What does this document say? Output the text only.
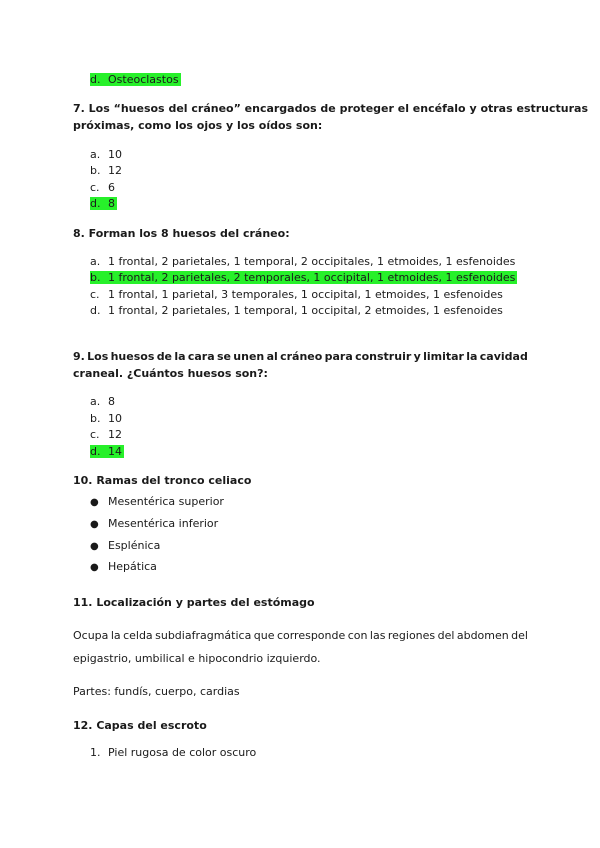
d. Osteoclastos
7. Los “huesos del cráneo” encargados de proteger el encéfalo y otras estructuras
próximas, como los ojos y los oídos son:
a. 10
b. 12
c. 6
d. 8
8. Forman los 8 huesos del cráneo:
a. 1 frontal, 2 parietales, 1 temporal, 2 occipitales, 1 etmoides, 1 esfenoides
b. 1 frontal, 2 parietales, 2 temporales, 1 occipital, 1 etmoides, 1 esfenoides
c. 1 frontal, 1 parietal, 3 temporales, 1 occipital, 1 etmoides, 1 esfenoides
d. 1 frontal, 2 parietales, 1 temporal, 1 occipital, 2 etmoides, 1 esfenoides
9. Los huesos de la cara se unen al cráneo para construir y limitar la cavidad
craneal. ¿Cuántos huesos son?:
a. 8
b. 10
c. 12
d. 14
10. Ramas del tronco celiaco
● Mesentérica superior
● Mesentérica inferior
● Esplénica
● Hepática
11. Localización y partes del estómago
Ocupa la celda subdiafragmática que corresponde con las regiones del abdomen del
epigastrio, umbilical e hipocondrio izquierdo.
Partes: fundís, cuerpo, cardias
12. Capas del escroto
1. Piel rugosa de color oscuro
